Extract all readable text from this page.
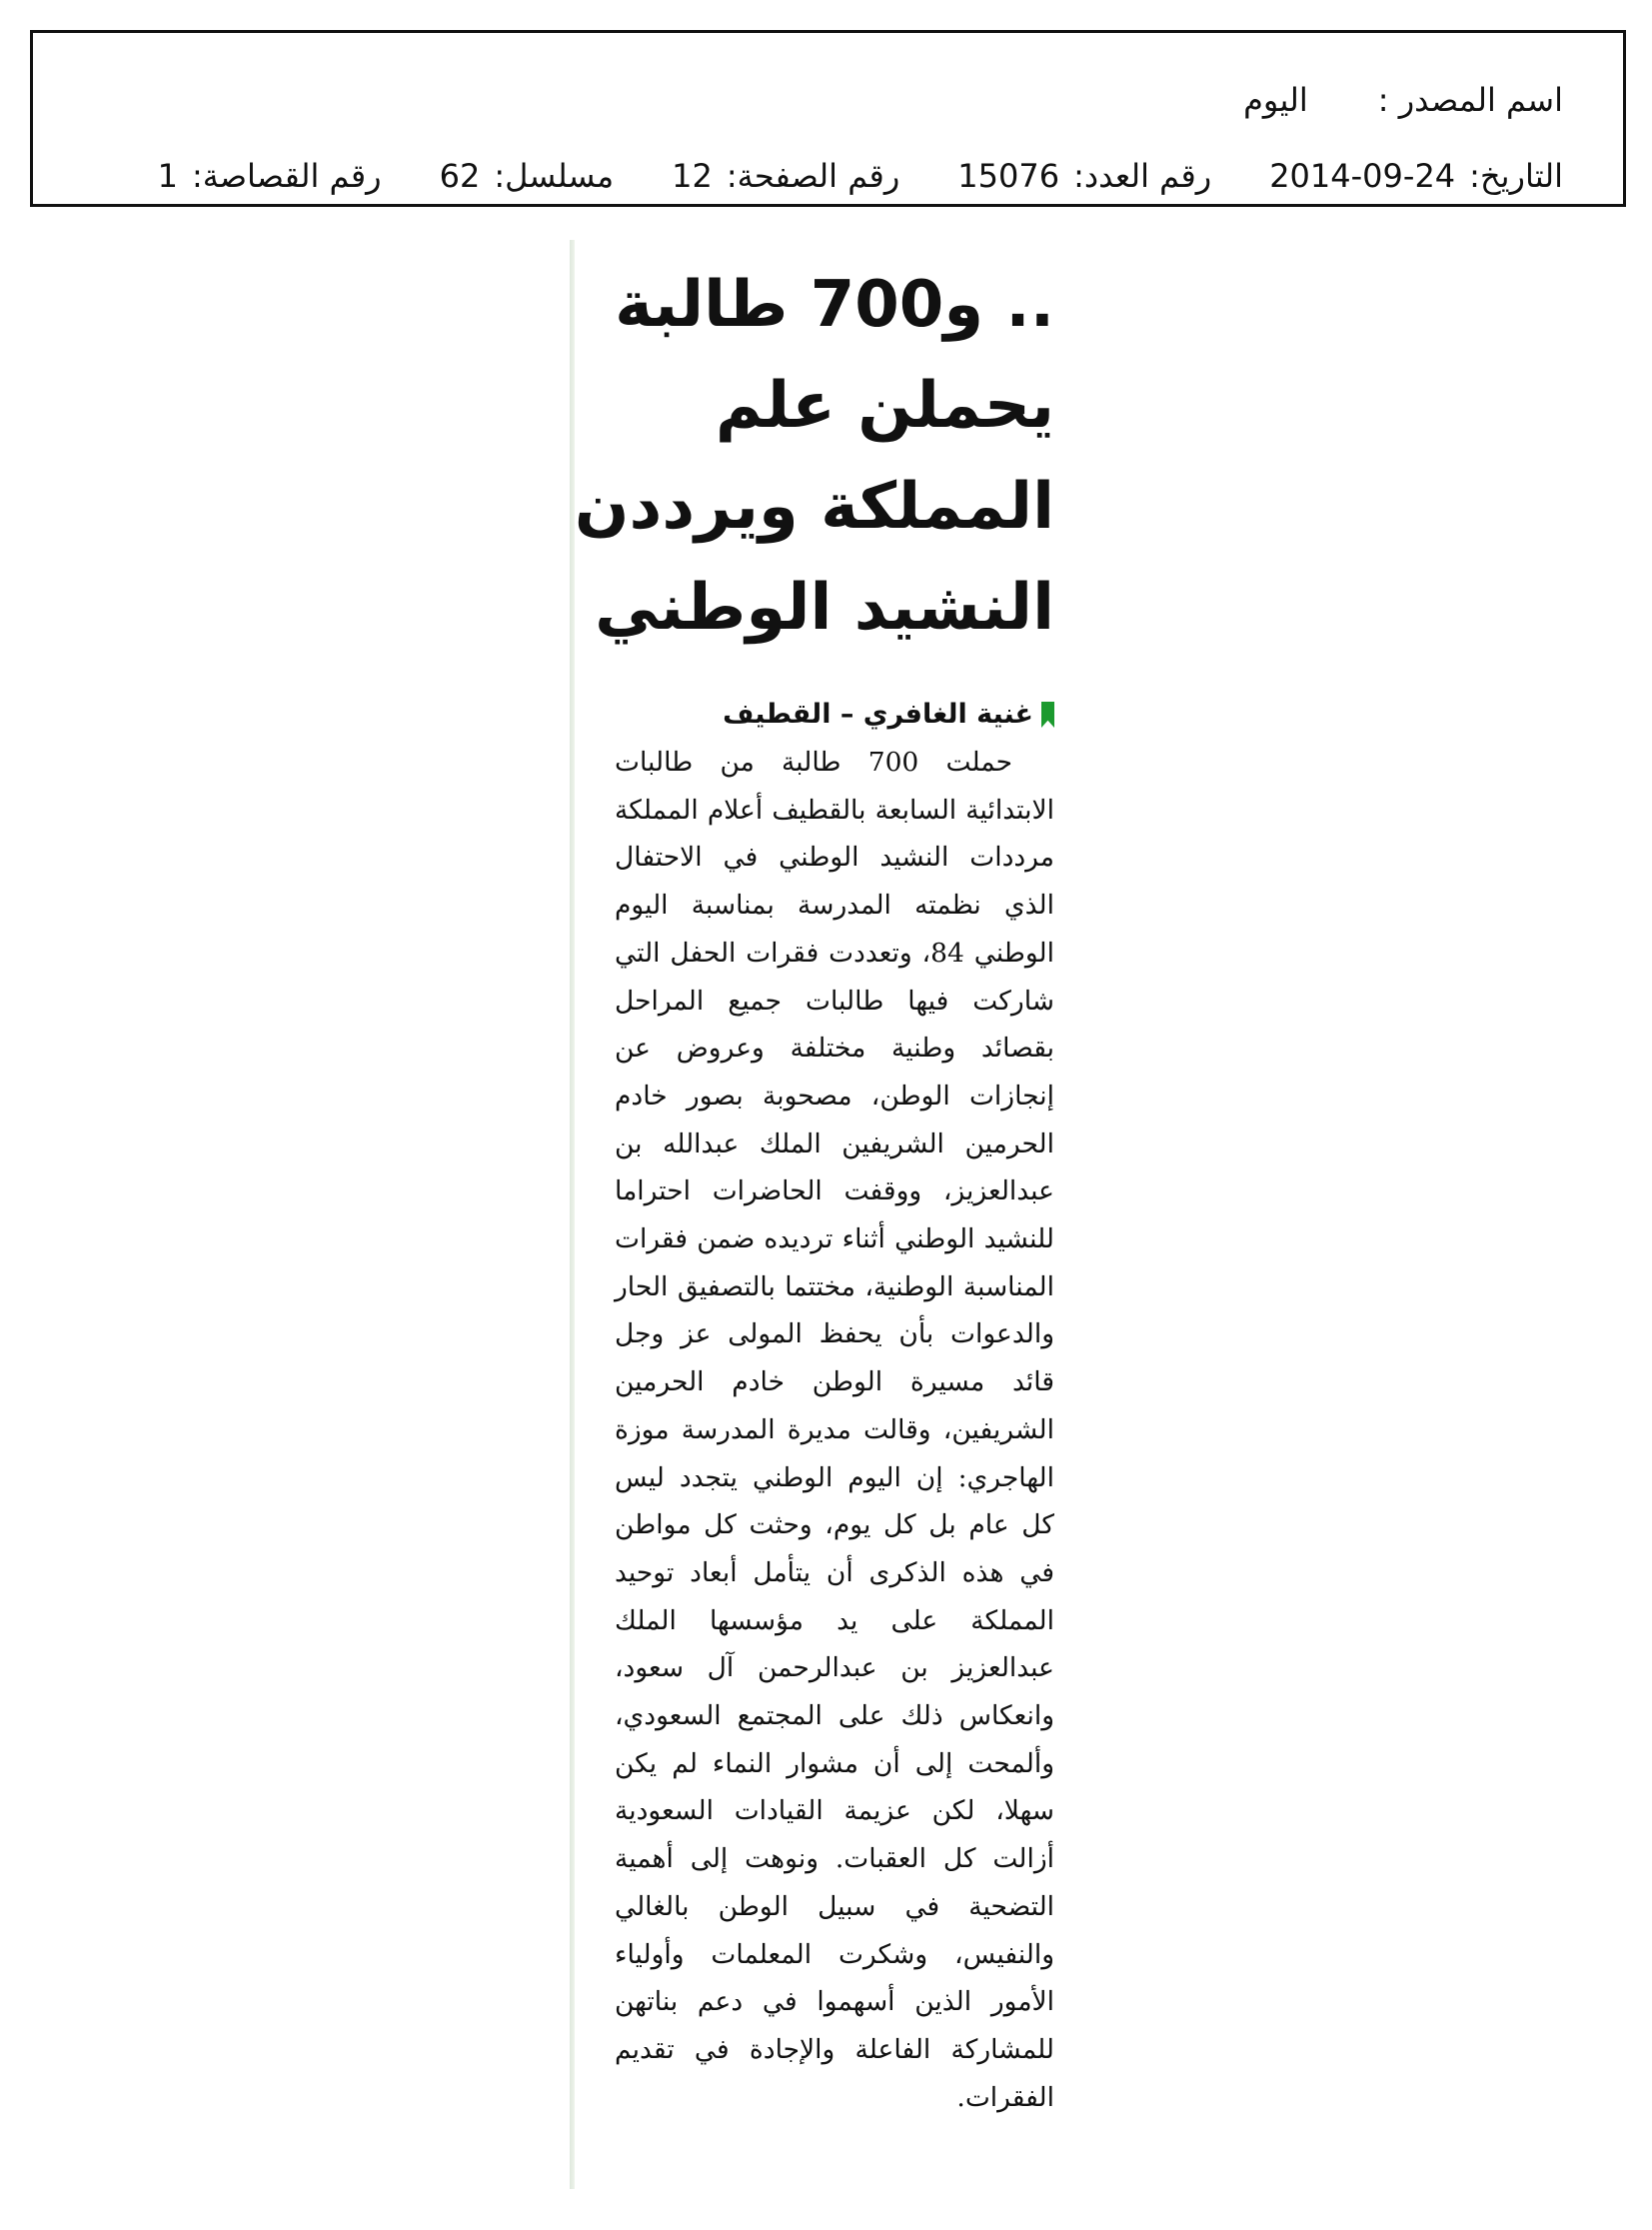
اسم المصدر :
اليوم
التاريخ:
2014-09-24
رقم العدد:
15076
رقم الصفحة:
12
مسلسل:
62
رقم القصاصة:
1
.. و700 طالبة
يحملن علم
المملكة ويرددن
النشيد الوطني
غنية الغافري – القطيف

حملت 700 طالبة من طالبات الابتدائية السابعة بالقطيف أعلام المملكة مرددات النشيد الوطني في الاحتفال الذي نظمته المدرسة بمناسبة اليوم الوطني 84، وتعددت فقرات الحفل التي شاركت فيها طالبات جميع المراحل بقصائد وطنية مختلفة وعروض عن إنجازات الوطن، مصحوبة بصور خادم الحرمين الشريفين الملك عبدالله بن عبدالعزيز، ووقفت الحاضرات احتراما للنشيد الوطني أثناء ترديده ضمن فقرات المناسبة الوطنية، مختتما بالتصفيق الحار والدعوات بأن يحفظ المولى عز وجل قائد مسيرة الوطن خادم الحرمين الشريفين، وقالت مديرة المدرسة موزة الهاجري: إن اليوم الوطني يتجدد ليس كل عام بل كل يوم، وحثت كل مواطن في هذه الذكرى أن يتأمل أبعاد توحيد المملكة على يد مؤسسها الملك عبدالعزيز بن عبدالرحمن آل سعود، وانعكاس ذلك على المجتمع السعودي، وألمحت إلى أن مشوار النماء لم يكن سهلا، لكن عزيمة القيادات السعودية أزالت كل العقبات. ونوهت إلى أهمية التضحية في سبيل الوطن بالغالي والنفيس، وشكرت المعلمات وأولياء الأمور الذين أسهموا في دعم بناتهن للمشاركة الفاعلة والإجادة في تقديم الفقرات.
